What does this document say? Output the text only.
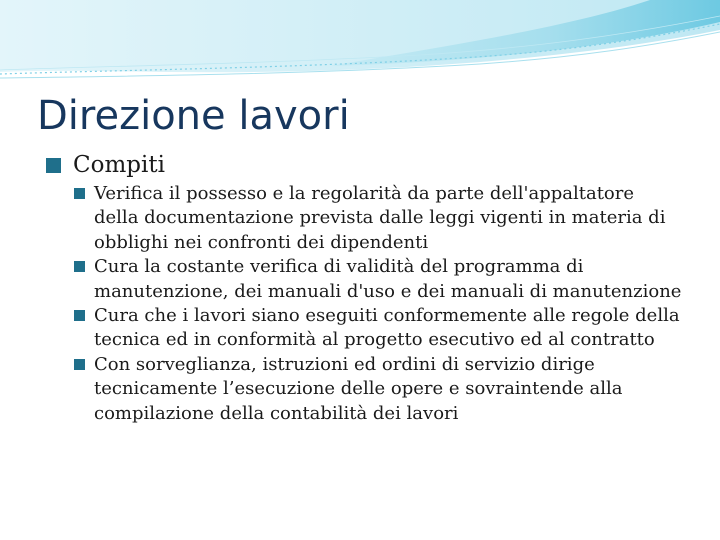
Direzione lavori
Compiti
Verifica il possesso e la regolarità da parte dell'appaltatore della documentazione prevista dalle leggi vigenti in materia di obblighi nei confronti dei dipendenti
Cura la costante verifica di validità del programma di manutenzione, dei manuali d'uso e dei manuali di manutenzione
Cura che i lavori siano eseguiti conformemente alle regole della tecnica ed in conformità al progetto esecutivo ed al contratto
Con sorveglianza, istruzioni ed ordini di servizio dirige tecnicamente l’esecuzione delle opere e sovraintende alla compilazione della contabilità dei lavori
